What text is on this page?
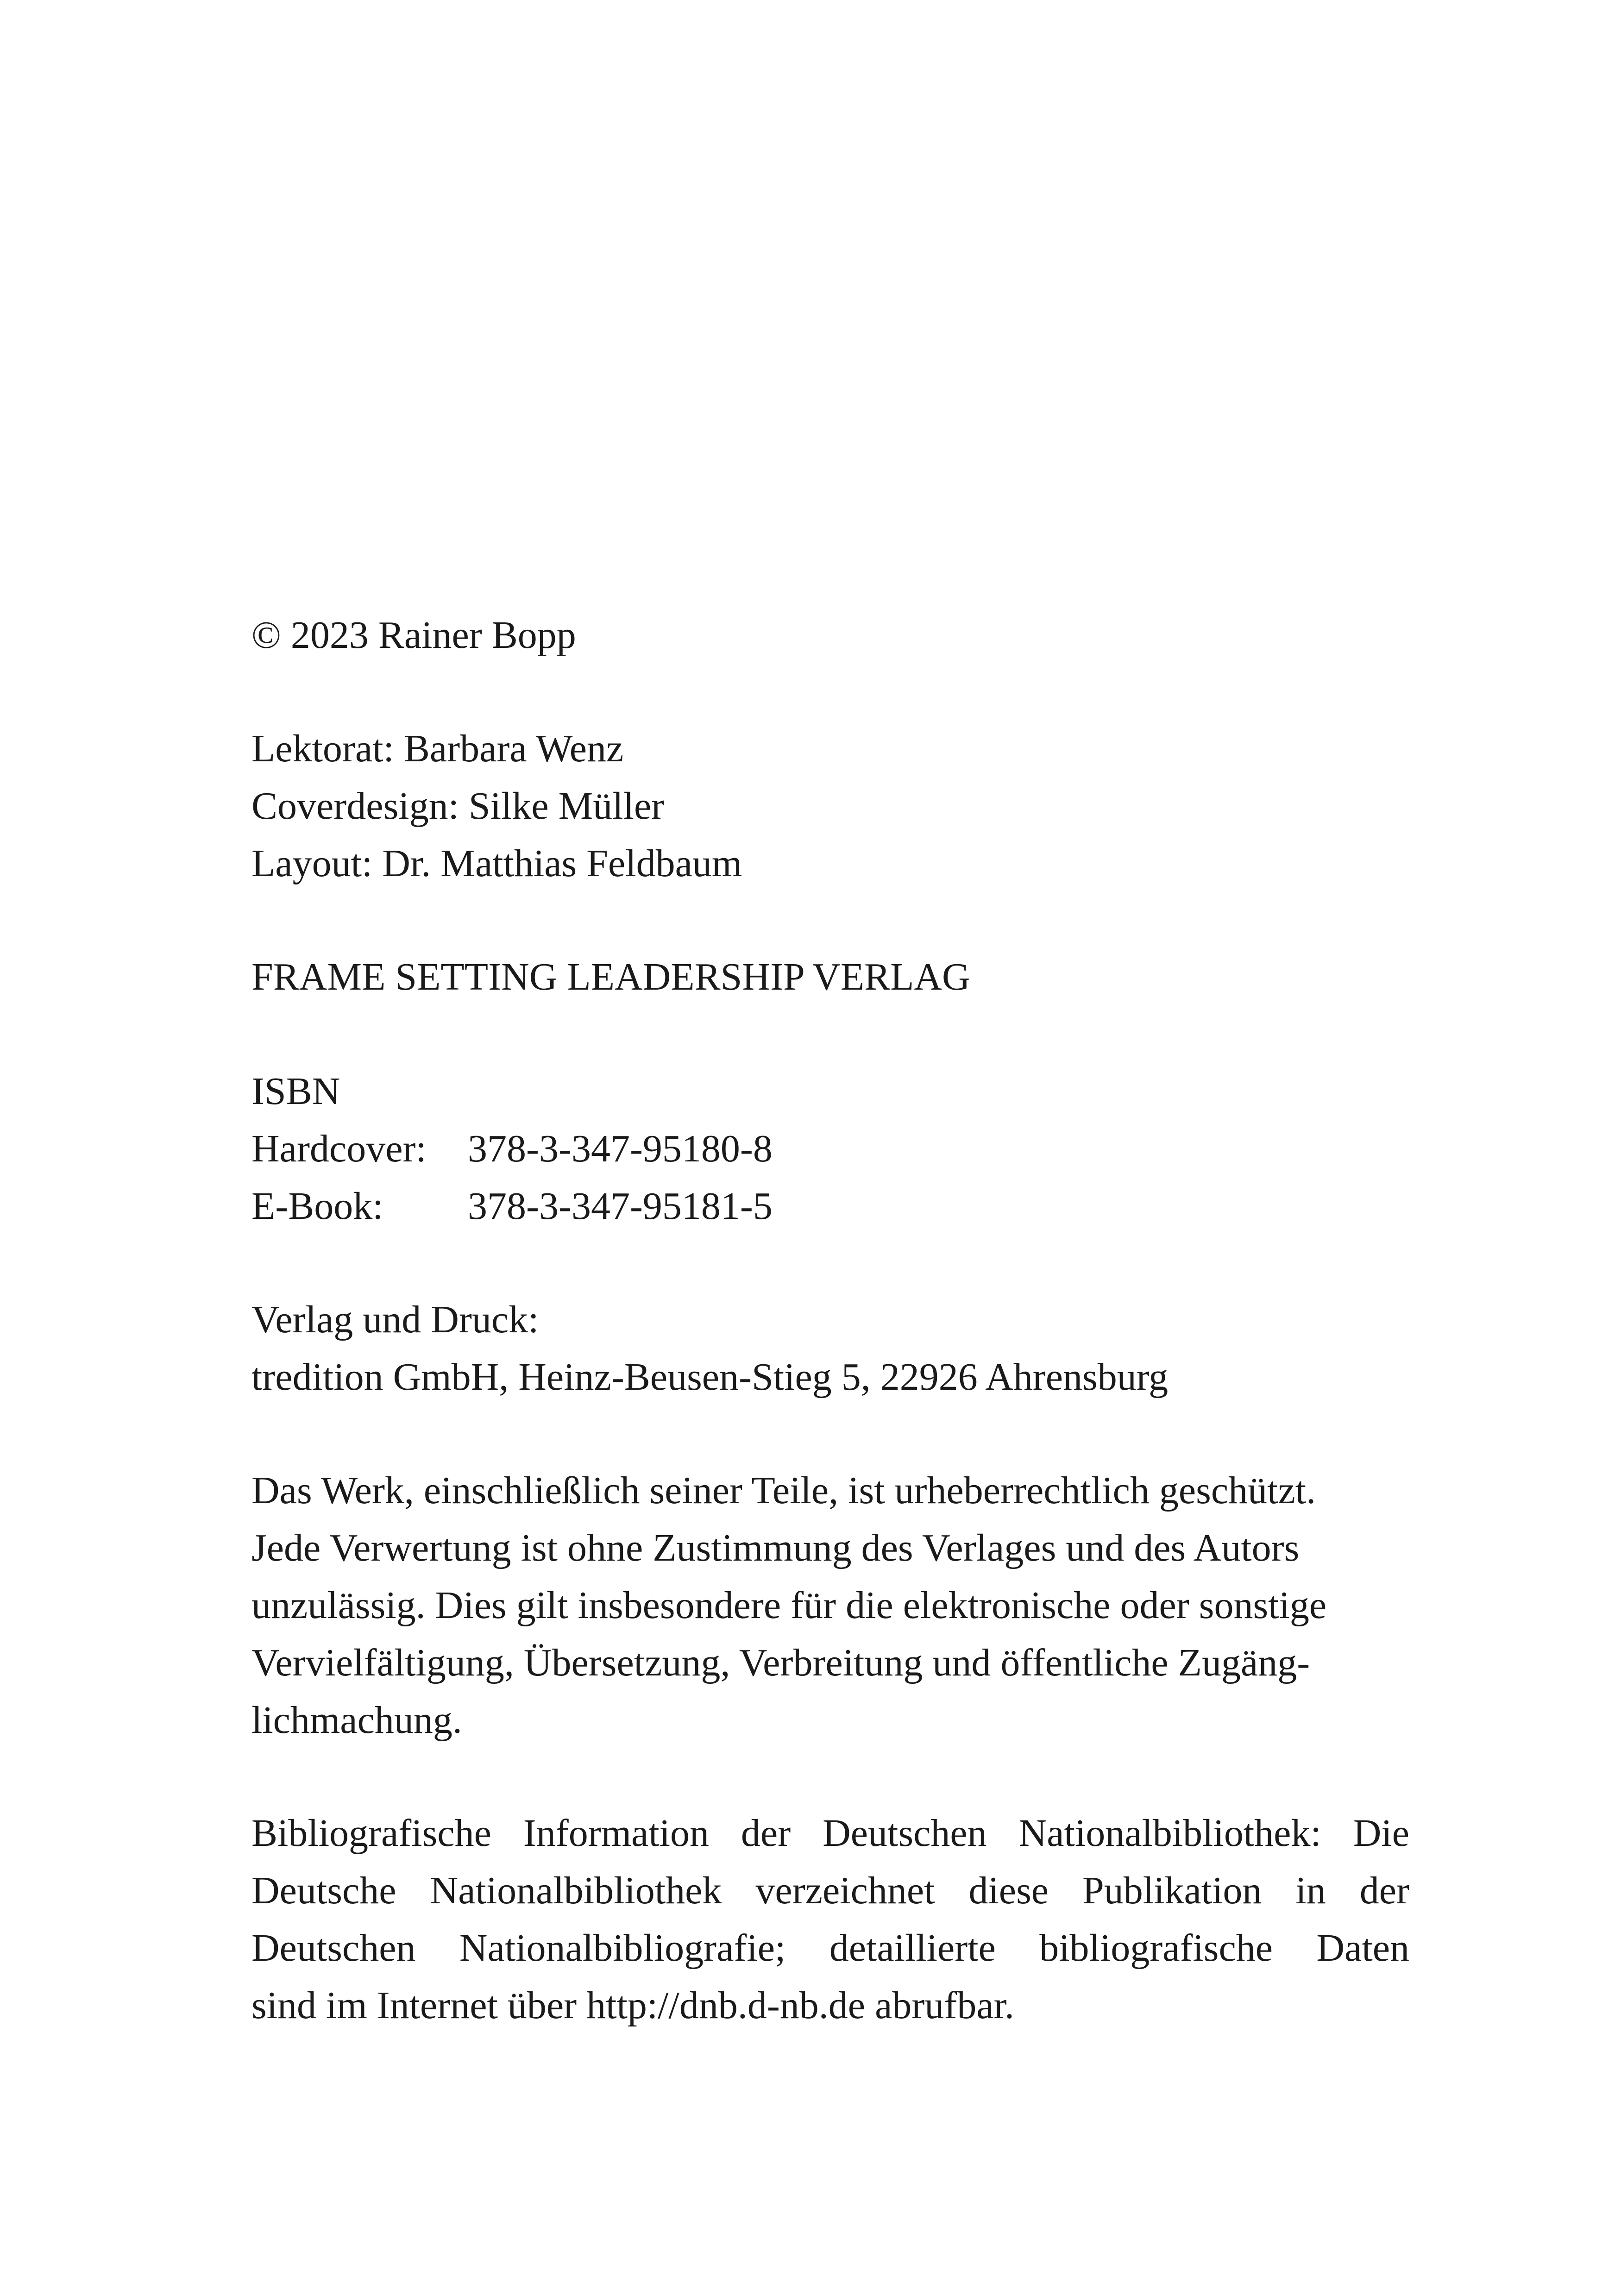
© 2023 Rainer Bopp
Lektorat: Barbara Wenz
Coverdesign: Silke Müller
Layout: Dr. Matthias Feldbaum
FRAME SETTING LEADERSHIP VERLAG
ISBN
Hardcover: 378-3-347-95180-8
E-Book: 378-3-347-95181-5
Verlag und Druck:
tredition GmbH, Heinz-Beusen-Stieg 5, 22926 Ahrensburg
Das Werk, einschließlich seiner Teile, ist urheberrechtlich geschützt.
Jede Verwertung ist ohne Zustimmung des Verlages und des Autors
unzulässig. Dies gilt insbesondere für die elektronische oder sonstige
Vervielfältigung, Übersetzung, Verbreitung und öffentliche Zugäng-
lichmachung.
Bibliografische Information der Deutschen Nationalbibliothek: Die
Deutsche Nationalbibliothek verzeichnet diese Publikation in der
Deutschen Nationalbibliografie; detaillierte bibliografische Daten
sind im Internet über http://dnb.d-nb.de abrufbar.
